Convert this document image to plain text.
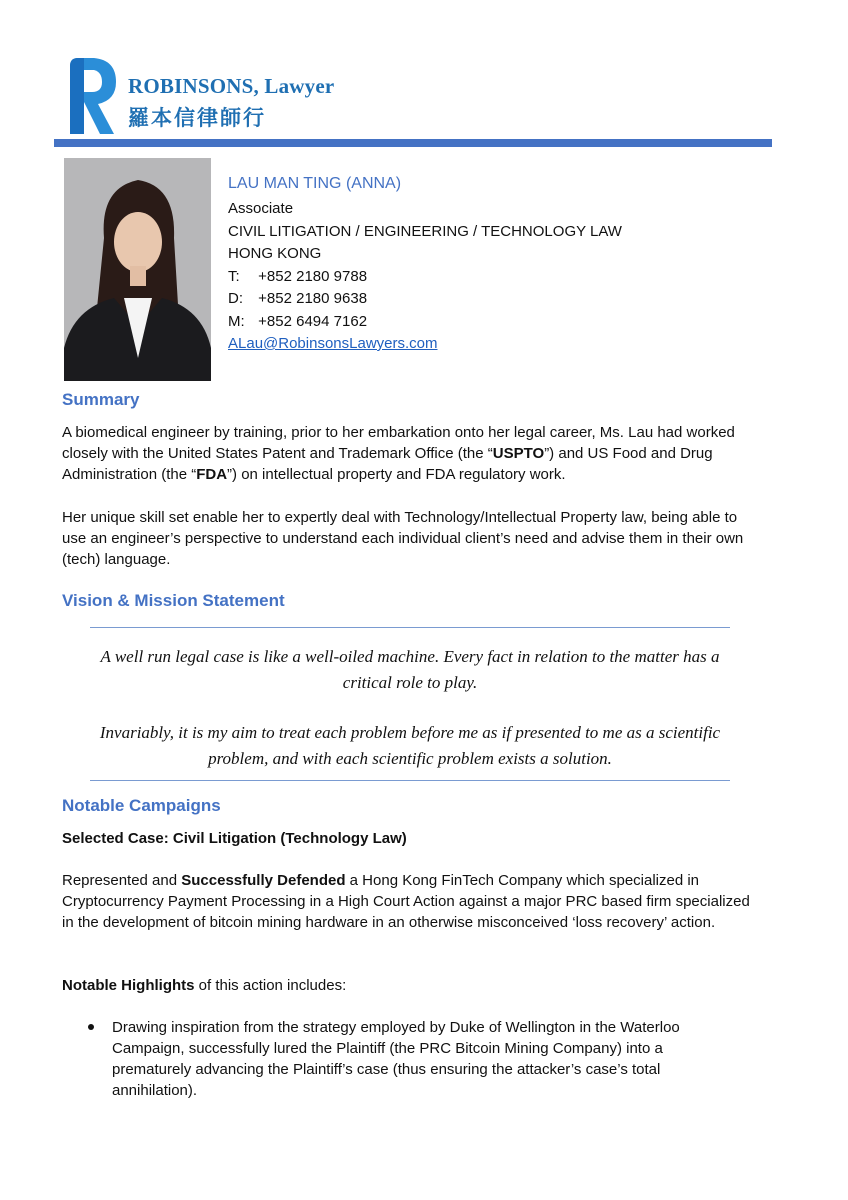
ROBINSONS, Lawyer
羅本信律師行
LAU MAN TING (ANNA)
Associate
CIVIL LITIGATION / ENGINEERING / TECHNOLOGY LAW
HONG KONG
T: +852 2180 9788
D: +852 2180 9638
M: +852 6494 7162
ALau@RobinsonsLawyers.com
Summary
A biomedical engineer by training, prior to her embarkation onto her legal career, Ms. Lau had worked closely with the United States Patent and Trademark Office (the “USPTO”) and US Food and Drug Administration (the “FDA”) on intellectual property and FDA regulatory work.
Her unique skill set enable her to expertly deal with Technology/Intellectual Property law, being able to use an engineer’s perspective to understand each individual client’s need and advise them in their own (tech) language.
Vision & Mission Statement
A well run legal case is like a well-oiled machine. Every fact in relation to the matter has a critical role to play.
Invariably, it is my aim to treat each problem before me as if presented to me as a scientific problem, and with each scientific problem exists a solution.
Notable Campaigns
Selected Case: Civil Litigation (Technology Law)
Represented and Successfully Defended a Hong Kong FinTech Company which specialized in Cryptocurrency Payment Processing in a High Court Action against a major PRC based firm specialized in the development of bitcoin mining hardware in an otherwise misconceived ‘loss recovery’ action.
Notable Highlights of this action includes:
Drawing inspiration from the strategy employed by Duke of Wellington in the Waterloo Campaign, successfully lured the Plaintiff (the PRC Bitcoin Mining Company) into a prematurely advancing the Plaintiff’s case (thus ensuring the attacker’s case’s total annihilation).
